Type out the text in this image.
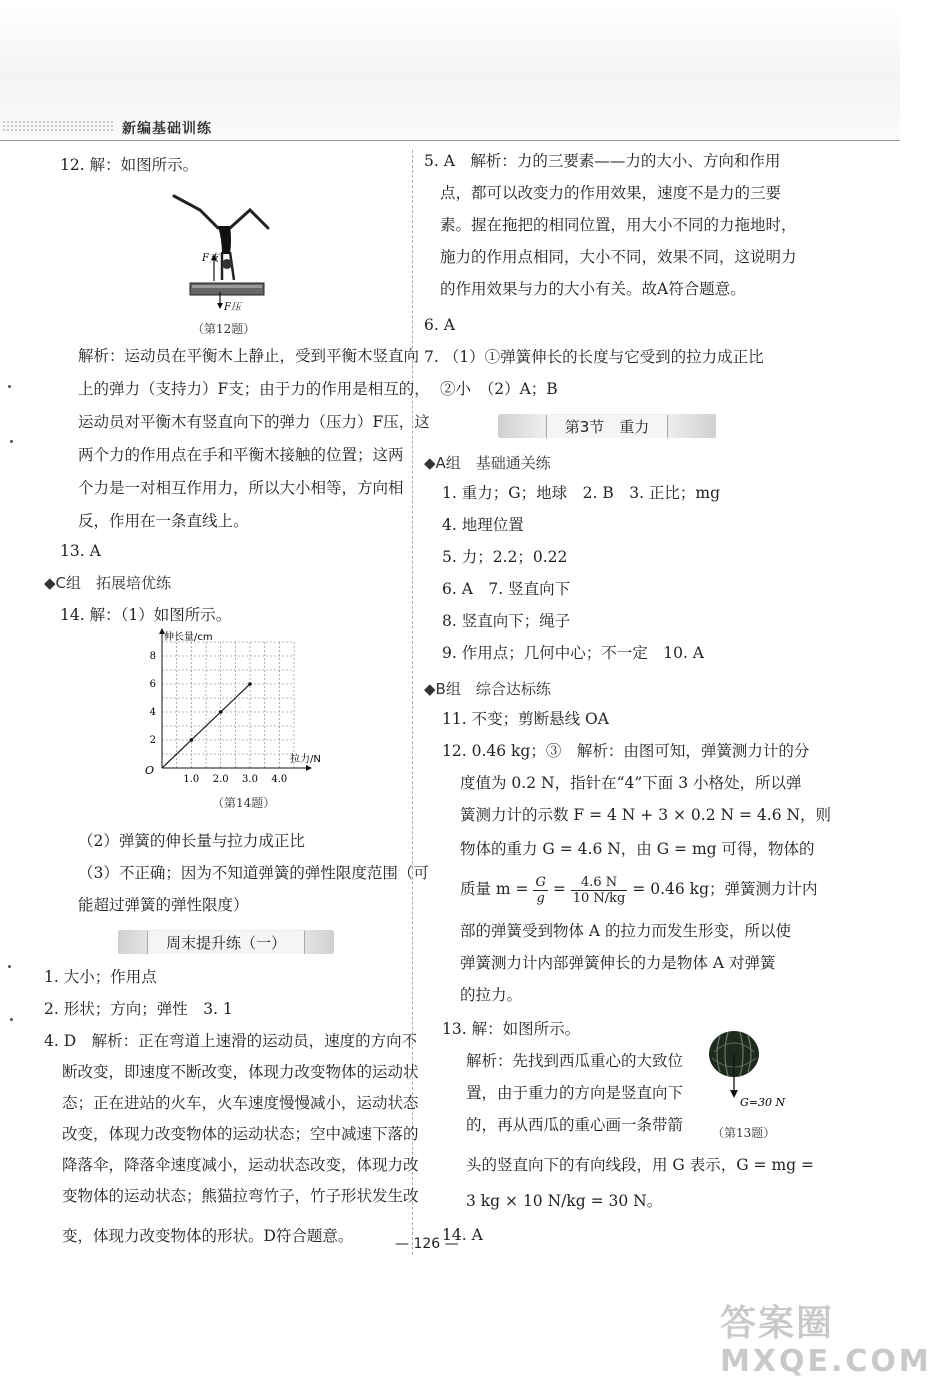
新编基础训练
12. 解：如图所示。
F支
F压
（第12题）
解析：运动员在平衡木上静止，受到平衡木竖直向
上的弹力（支持力）F支；由于力的作用是相互的，
运动员对平衡木有竖直向下的弹力（压力）F压，这
两个力的作用点在手和平衡木接触的位置；这两
个力是一对相互作用力，所以大小相等，方向相
反，作用在一条直线上。
13. A
◆C组　拓展培优练
14. 解：（1）如图所示。
1.0 2.0 3.0 4.0
2
4
6
8
O
伸长量/cm
拉力/N
（第14题）
（2）弹簧的伸长量与拉力成正比
（3）不正确；因为不知道弹簧的弹性限度范围（可
能超过弹簧的弹性限度）
周末提升练（一）
1. 大小；作用点
2. 形状；方向；弹性　3. 1
4. D　解析：正在弯道上速滑的运动员，速度的方向不
断改变，即速度不断改变，体现力改变物体的运动状
态；正在进站的火车，火车速度慢慢减小，运动状态
改变，体现力改变物体的运动状态；空中减速下落的
降落伞，降落伞速度减小，运动状态改变，体现力改
变物体的运动状态；熊猫拉弯竹子，竹子形状发生改
变，体现力改变物体的形状。D符合题意。
5. A　解析：力的三要素——力的大小、方向和作用
点，都可以改变力的作用效果，速度不是力的三要
素。握在拖把的相同位置，用大小不同的力拖地时，
施力的作用点相同，大小不同，效果不同，这说明力
的作用效果与力的大小有关。故A符合题意。
6. A
7. （1）①弹簧伸长的长度与它受到的拉力成正比
②小　（2）A；B
第3节　重力
◆A组　基础通关练
1. 重力；G；地球　2. B　3. 正比；mg
4. 地理位置
5. 力；2.2；0.22
6. A　7. 竖直向下
8. 竖直向下；绳子
9. 作用点；几何中心；不一定　10. A
◆B组　综合达标练
11. 不变；剪断悬线 OA
12. 0.46 kg；③　解析：由图可知，弹簧测力计的分
度值为 0.2 N，指针在“4”下面 3 小格处，所以弹
簧测力计的示数 F = 4 N + 3 × 0.2 N = 4.6 N，则
物体的重力 G = 4.6 N，由 G = mg 可得，物体的
质量 $m = \frac{G}{g} = \frac{4.6 N}{10 N/kg} = 0.46$ kg；弹簧测力计内
部的弹簧受到物体 A 的拉力而发生形变，所以使
弹簧测力计内部弹簧伸长的力是物体 A 对弹簧
的拉力。
13. 解：如图所示。
解析：先找到西瓜重心的大致位
置，由于重力的方向是竖直向下
的，再从西瓜的重心画一条带箭
G=30 N
（第13题）
头的竖直向下的有向线段，用 G 表示，G = mg =
3 kg × 10 N/kg = 30 N。
14. A
— 126 —
答案圈
MXQE.COM
